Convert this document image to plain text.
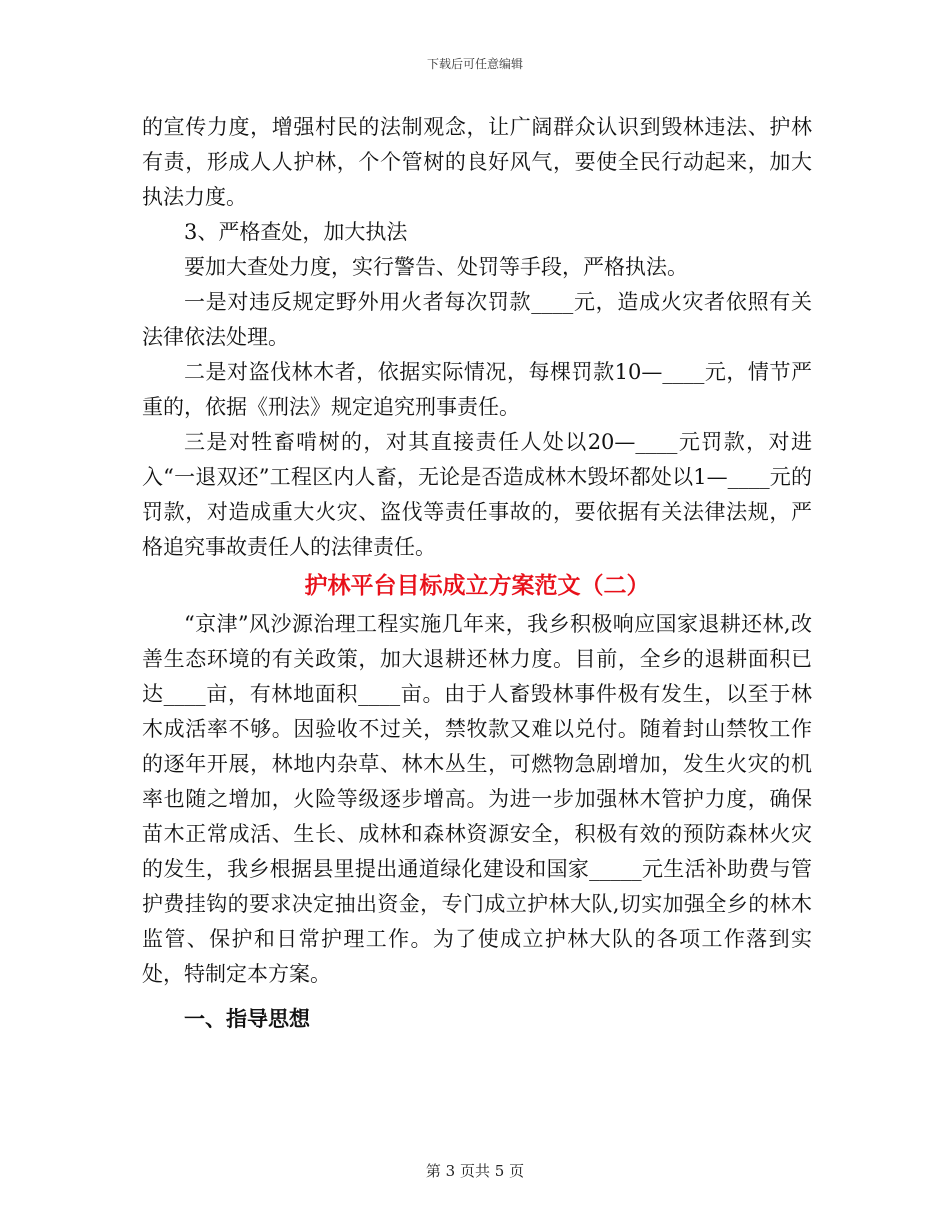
下载后可任意编辑

的宣传力度，增强村民的法制观念，让广阔群众认识到毁林违法、护林有责，形成人人护林，个个管树的良好风气，要使全民行动起来，加大执法力度。

3、严格查处，加大执法

要加大查处力度，实行警告、处罚等手段，严格执法。

一是对违反规定野外用火者每次罚款____元，造成火灾者依照有关法律依法处理。

二是对盗伐林木者，依据实际情况，每棵罚款10—____元，情节严重的，依据《刑法》规定追究刑事责任。

三是对牲畜啃树的，对其直接责任人处以20—____元罚款，对进入“一退双还”工程区内人畜，无论是否造成林木毁坏都处以1—____元的罚款，对造成重大火灾、盗伐等责任事故的，要依据有关法律法规，严格追究事故责任人的法律责任。

护林平台目标成立方案范文（二）

“京津”风沙源治理工程实施几年来，我乡积极响应国家退耕还林,改善生态环境的有关政策，加大退耕还林力度。目前，全乡的退耕面积已达____亩，有林地面积____亩。由于人畜毁林事件极有发生，以至于林木成活率不够。因验收不过关，禁牧款又难以兑付。随着封山禁牧工作的逐年开展，林地内杂草、林木丛生，可燃物急剧增加，发生火灾的机率也随之增加，火险等级逐步增高。为进一步加强林木管护力度，确保苗木正常成活、生长、成林和森林资源安全，积极有效的预防森林火灾的发生，我乡根据县里提出通道绿化建设和国家_____元生活补助费与管护费挂钩的要求决定抽出资金，专门成立护林大队,切实加强全乡的林木监管、保护和日常护理工作。为了使成立护林大队的各项工作落到实处，特制定本方案。

一、指导思想

第 3 页共 5 页
